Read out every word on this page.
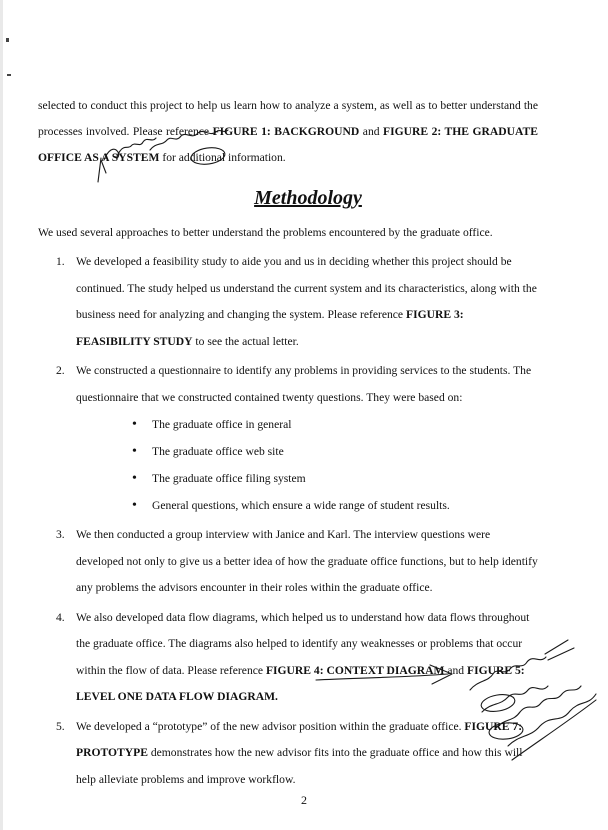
selected to conduct this project to help us learn how to analyze a system, as well as to better understand the processes involved. Please reference FIGURE 1: BACKGROUND and FIGURE 2: THE GRADUATE OFFICE AS A SYSTEM for additional information.

Methodology

We used several approaches to better understand the problems encountered by the graduate office.

1. We developed a feasibility study to aide you and us in deciding whether this project should be continued. The study helped us understand the current system and its characteristics, along with the business need for analyzing and changing the system. Please reference FIGURE 3: FEASIBILITY STUDY to see the actual letter.
2. We constructed a questionnaire to identify any problems in providing services to the students. The questionnaire that we constructed contained twenty questions. They were based on:
• The graduate office in general
• The graduate office web site
• The graduate office filing system
• General questions, which ensure a wide range of student results.
3. We then conducted a group interview with Janice and Karl. The interview questions were developed not only to give us a better idea of how the graduate office functions, but to help identify any problems the advisors encounter in their roles within the graduate office.
4. We also developed data flow diagrams, which helped us to understand how data flows throughout the graduate office. The diagrams also helped to identify any weaknesses or problems that occur within the flow of data. Please reference FIGURE 4: CONTEXT DIAGRAM and FIGURE 5: LEVEL ONE DATA FLOW DIAGRAM.
5. We developed a “prototype” of the new advisor position within the graduate office. FIGURE 7: PROTOTYPE demonstrates how the new advisor fits into the graduate office and how this will help alleviate problems and improve workflow.
2
